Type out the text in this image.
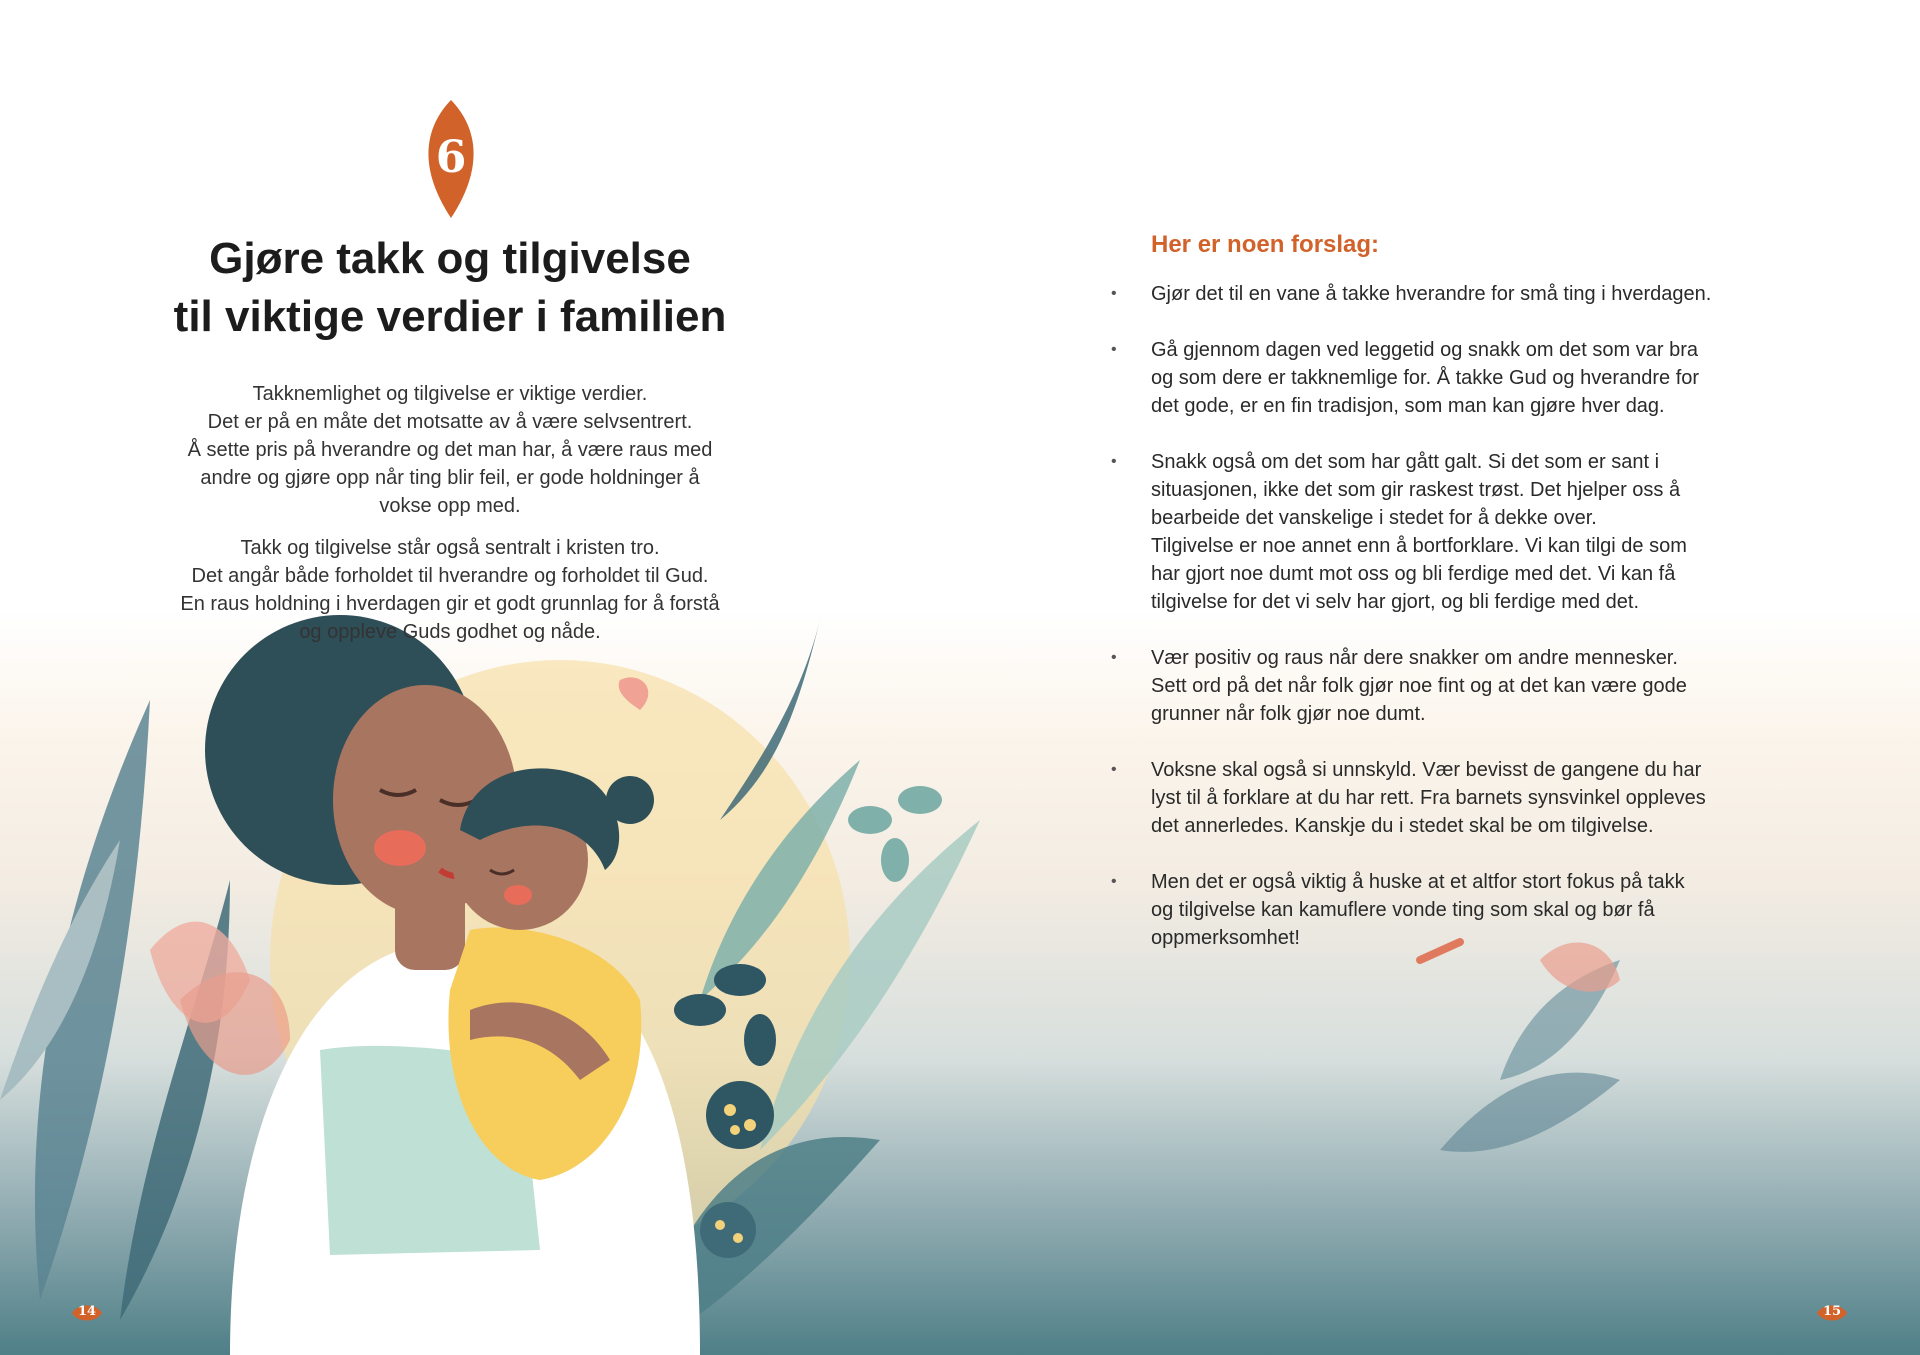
6
Gjøre takk og tilgivelse
til viktige verdier i familien

Takknemlighet og tilgivelse er viktige verdier.
Det er på en måte det motsatte av å være selvsentrert.
Å sette pris på hverandre og det man har, å være raus med
andre og gjøre opp når ting blir feil, er gode holdninger å
vokse opp med.

Takk og tilgivelse står også sentralt i kristen tro.
Det angår både forholdet til hverandre og forholdet til Gud.
En raus holdning i hverdagen gir et godt grunnlag for å forstå
og oppleve Guds godhet og nåde.

14
Her er noen forslag:
•	Gjør det til en vane å takke hverandre for små ting i hverdagen.
•	Gå gjennom dagen ved leggetid og snakk om det som var bra
og som dere er takknemlige for. Å takke Gud og hverandre for
det gode, er en fin tradisjon, som man kan gjøre hver dag.
•	Snakk også om det som har gått galt. Si det som er sant i
situasjonen, ikke det som gir raskest trøst. Det hjelper oss å
bearbeide det vanskelige i stedet for å dekke over.
Tilgivelse er noe annet enn å bortforklare. Vi kan tilgi de som
har gjort noe dumt mot oss og bli ferdige med det. Vi kan få
tilgivelse for det vi selv har gjort, og bli ferdige med det.
•	Vær positiv og raus når dere snakker om andre mennesker.
Sett ord på det når folk gjør noe fint og at det kan være gode
grunner når folk gjør noe dumt.
•	Voksne skal også si unnskyld. Vær bevisst de gangene du har
lyst til å forklare at du har rett. Fra barnets synsvinkel oppleves
det annerledes. Kanskje du i stedet skal be om tilgivelse.
•	Men det er også viktig å huske at et altfor stort fokus på takk
og tilgivelse kan kamuflere vonde ting som skal og bør få
oppmerksomhet!
15
